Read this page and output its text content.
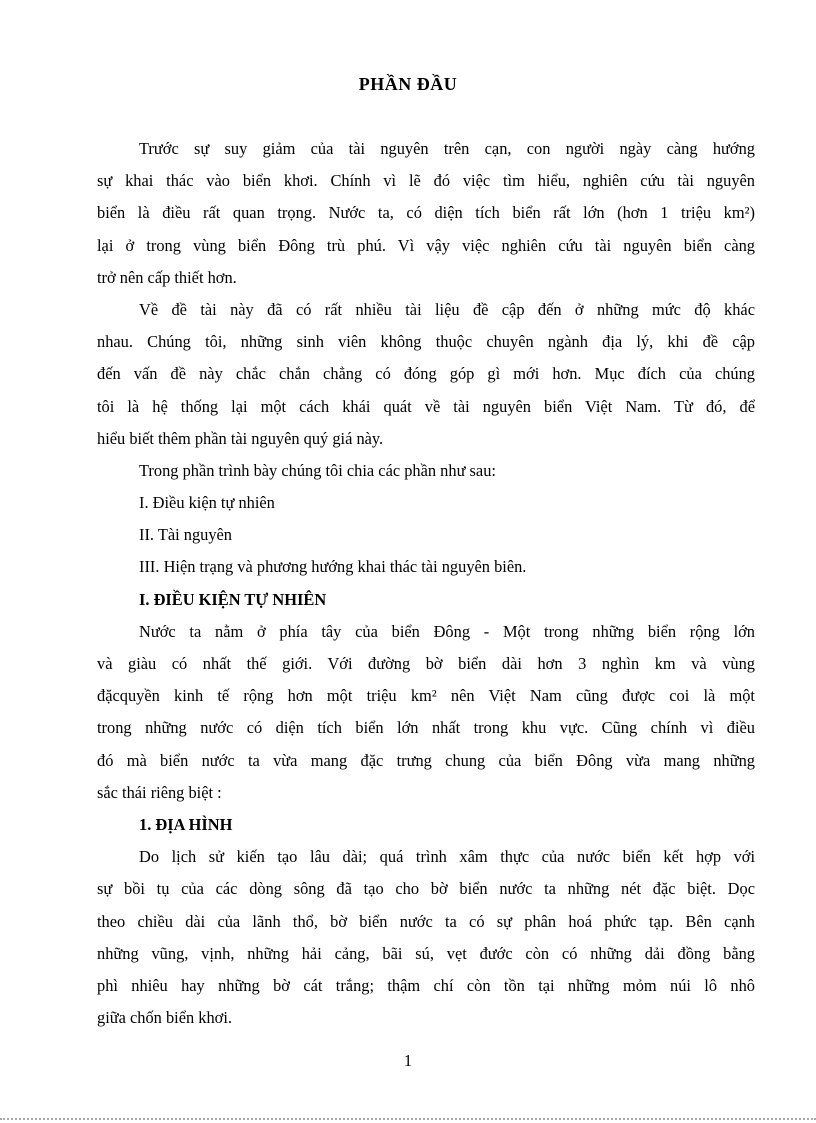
PHẦN ĐẦU
Trước sự suy giảm của tài nguyên trên cạn, con người ngày càng hướng
sự khai thác vào biển khơi. Chính vì lẽ đó việc tìm hiểu, nghiên cứu tài nguyên
biển là điều rất quan trọng. Nước ta, có diện tích biển rất lớn (hơn 1 triệu km²)
lại ở trong vùng biển Đông trù phú. Vì vậy việc nghiên cứu tài nguyên biển càng
trở nên cấp thiết hơn.
Về đề tài này đã có rất nhiều tài liệu đề cập đến ở những mức độ khác
nhau. Chúng tôi, những sinh viên không thuộc chuyên ngành địa lý, khi đề cập
đến vấn đề này chắc chắn chẳng có đóng góp gì mới hơn. Mục đích của chúng
tôi là hệ thống lại một cách khái quát về tài nguyên biển Việt Nam. Từ đó, để
hiểu biết thêm phần tài nguyên quý giá này.
Trong phần trình bày chúng tôi chia các phần như sau:
I. Điều kiện tự nhiên
II. Tài nguyên
III. Hiện trạng và phương hướng khai thác tài nguyên biên.
I. ĐIỀU KIỆN TỰ NHIÊN
Nước ta nằm ở phía tây của biển Đông - Một trong những biển rộng lớn
và giàu có nhất thế giới. Với đường bờ biển dài hơn 3 nghìn km và vùng
đặcquyền kinh tế rộng hơn một triệu km² nên Việt Nam cũng được coi là một
trong những nước có diện tích biển lớn nhất trong khu vực. Cũng chính vì điều
đó mà biển nước ta vừa mang đặc trưng chung của biển Đông vừa mang những
sắc thái riêng biệt :
1. ĐỊA HÌNH
Do lịch sử kiến tạo lâu dài; quá trình xâm thực của nước biển kết hợp với
sự bồi tụ của các dòng sông đã tạo cho bờ biển nước ta những nét đặc biệt. Dọc
theo chiều dài của lãnh thổ, bờ biển nước ta có sự phân hoá phức tạp. Bên cạnh
những vũng, vịnh, những hải cảng, bãi sú, vẹt đước còn có những dải đồng bằng
phì nhiêu hay những bờ cát trắng; thậm chí còn tồn tại những mỏm núi lô nhô
giữa chốn biển khơi.
1
